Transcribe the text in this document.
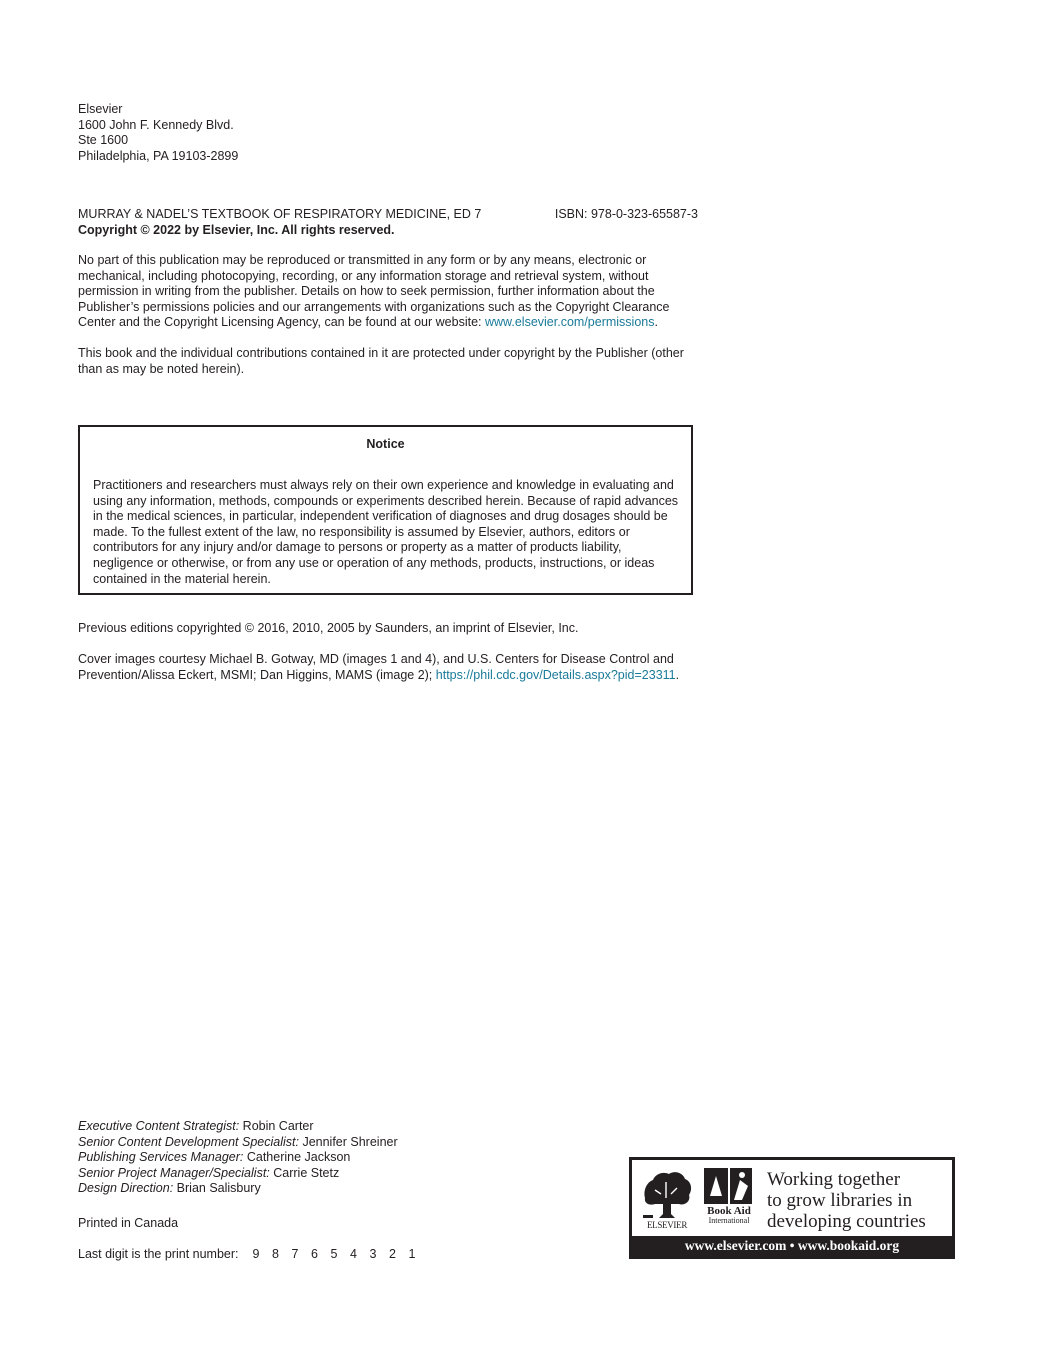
Elsevier
1600 John F. Kennedy Blvd.
Ste 1600
Philadelphia, PA 19103-2899
MURRAY & NADEL’S TEXTBOOK OF RESPIRATORY MEDICINE, ED 7	ISBN: 978-0-323-65587-3
Copyright © 2022 by Elsevier, Inc. All rights reserved.
No part of this publication may be reproduced or transmitted in any form or by any means, electronic or mechanical, including photocopying, recording, or any information storage and retrieval system, without permission in writing from the publisher. Details on how to seek permission, further information about the Publisher’s permissions policies and our arrangements with organizations such as the Copyright Clearance Center and the Copyright Licensing Agency, can be found at our website: www.elsevier.com/permissions.
This book and the individual contributions contained in it are protected under copyright by the Publisher (other than as may be noted herein).
Notice
Practitioners and researchers must always rely on their own experience and knowledge in evaluating and using any information, methods, compounds or experiments described herein. Because of rapid advances in the medical sciences, in particular, independent verification of diagnoses and drug dosages should be made. To the fullest extent of the law, no responsibility is assumed by Elsevier, authors, editors or contributors for any injury and/or damage to persons or property as a matter of products liability, negligence or otherwise, or from any use or operation of any methods, products, instructions, or ideas contained in the material herein.
Previous editions copyrighted © 2016, 2010, 2005 by Saunders, an imprint of Elsevier, Inc.
Cover images courtesy Michael B. Gotway, MD (images 1 and 4), and U.S. Centers for Disease Control and Prevention/Alissa Eckert, MSMI; Dan Higgins, MAMS (image 2); https://phil.cdc.gov/Details.aspx?pid=23311.
Executive Content Strategist: Robin Carter
Senior Content Development Specialist: Jennifer Shreiner
Publishing Services Manager: Catherine Jackson
Senior Project Manager/Specialist: Carrie Stetz
Design Direction: Brian Salisbury
Printed in Canada
Last digit is the print number: 9 8 7 6 5 4 3 2 1
ELSEVIER
Book Aid
International
Working together
to grow libraries in
developing countries
www.elsevier.com • www.bookaid.org
